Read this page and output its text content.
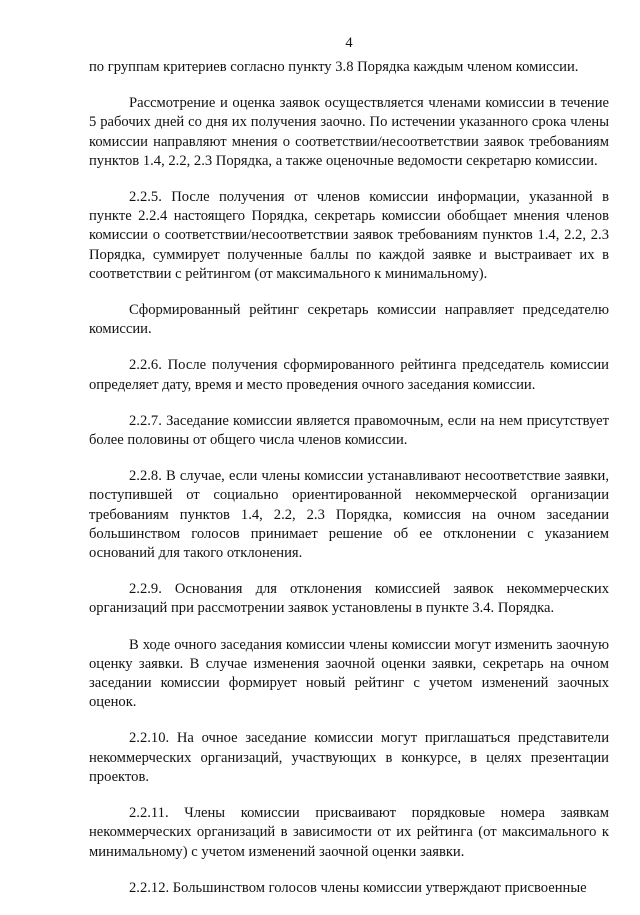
4

по группам критериев согласно пункту 3.8 Порядка каждым членом комиссии.

Рассмотрение и оценка заявок осуществляется членами комиссии в течение 5 рабочих дней со дня их получения заочно. По истечении указанного срока члены комиссии направляют мнения о соответствии/несоответствии заявок требованиям пунктов 1.4, 2.2, 2.3 Порядка, а также оценочные ведомости секретарю комиссии.

2.2.5. После получения от членов комиссии информации, указанной в пункте 2.2.4 настоящего Порядка, секретарь комиссии обобщает мнения членов комиссии о соответствии/несоответствии заявок требованиям пунктов 1.4, 2.2, 2.3 Порядка, суммирует полученные баллы по каждой заявке и выстраивает их в соответствии с рейтингом (от максимального к минимальному).

Сформированный рейтинг секретарь комиссии направляет председателю комиссии.

2.2.6. После получения сформированного рейтинга председатель комиссии определяет дату, время и место проведения очного заседания комиссии.

2.2.7. Заседание комиссии является правомочным, если на нем присутствует более половины от общего числа членов комиссии.

2.2.8. В случае, если члены комиссии устанавливают несоответствие заявки, поступившей от социально ориентированной некоммерческой организации требованиям пунктов 1.4, 2.2, 2.3 Порядка, комиссия на очном заседании большинством голосов принимает решение об ее отклонении с указанием оснований для такого отклонения.

2.2.9. Основания для отклонения комиссией заявок некоммерческих организаций при рассмотрении заявок установлены в пункте 3.4. Порядка.

В ходе очного заседания комиссии члены комиссии могут изменить заочную оценку заявки. В случае изменения заочной оценки заявки, секретарь на очном заседании комиссии формирует новый рейтинг с учетом изменений заочных оценок.

2.2.10. На очное заседание комиссии могут приглашаться представители некоммерческих организаций, участвующих в конкурсе, в целях презентации проектов.

2.2.11. Члены комиссии присваивают порядковые номера заявкам некоммерческих организаций в зависимости от их рейтинга (от максимального к минимальному) с учетом изменений заочной оценки заявки.

2.2.12. Большинством голосов члены комиссии утверждают присвоенные
